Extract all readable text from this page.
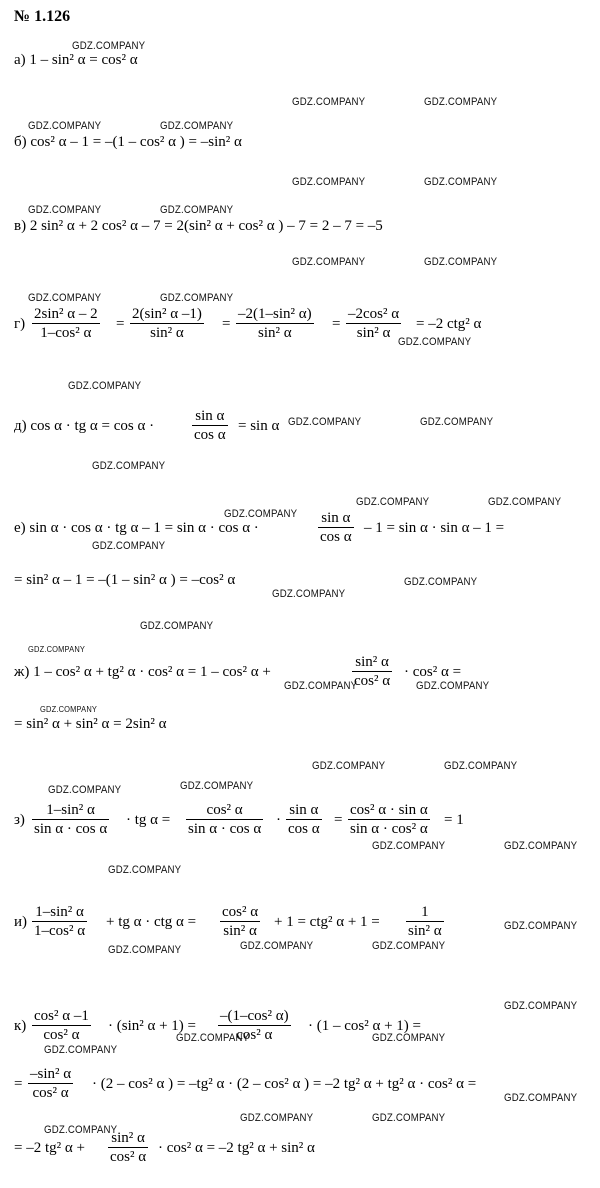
№ 1.126
а) 1 – sin² α = cos² α
б) cos² α – 1 = –(1 – cos² α ) = –sin² α
в) 2 sin² α + 2 cos² α – 7 = 2(sin² α + cos² α ) – 7 = 2 – 7 = –5
$г) \frac{\text{2sin² α – 2}}{\text{1–cos² α}} = \frac{\text{2(sin² α –1)}}{\text{sin² α}} = \frac{\text{–2(1–sin² α)}}{\text{sin² α}} = \frac{\text{–2cos² α}}{\text{sin² α}} = -2$ ctg² α
д) cos α · tg α = cos α ·	$\frac{\text{sin α}}{\text{cos α}} = \sin \alpha$
е) sin α · cos α · tg α – 1 = sin α · cos α ·	$\frac{\text{sin α}}{\text{cos α}} - 1 = \sin \alpha \cdot \sin \alpha - 1$ =
= sin² α – 1 = –(1 – sin² α ) = –cos² α
ж) 1 – cos² α + tg² α · cos² α = 1 – cos² α +	$\frac{\text{sin² α}}{\text{cos² α}} \cdot \cos^2$ α =
= sin² α + sin² α = 2sin² α
$з) \frac{\text{1–sin² α}}{\text{sin α · cos α}}$ · tg $\alpha = \frac{\text{cos² α}}{\text{sin α · cos α}} \cdot \frac{\text{sin α}}{\text{cos α}} = \frac{\text{cos² α · sin α}}{\text{sin α · cos² α}} = 1$
$и) \frac{\text{1–sin² α}}{\text{1–cos² α}}$ + tg α · ctg $\alpha = \frac{\text{cos² α}}{\text{sin² α}} + 1 = ctg^2$ $\alpha + 1 = \frac{1}{\text{sin² α}}$
$к) \frac{\text{cos² α –1}}{\text{cos² α}} \cdot (\sin^2$ $\alpha + 1) = \frac{\text{–(1–cos² α)}}{\text{cos² α}} \cdot (1 - \cos^2$ α + 1) =
= $\frac{\text{–sin² α}}{\text{cos² α}} \cdot (2 - \cos^2$ α ) = –tg² α · (2 – cos² α ) = –2 tg² α + tg² α · cos² α =
= –2 tg² $\alpha + \frac{\text{sin² α}}{\text{cos² α}} \cdot \cos^2$ α = –2 tg² α + sin² α
GDZ.COMPANY
GDZ.COMPANY	GDZ.COMPANY
GDZ.COMPANY	GDZ.COMPANY
GDZ.COMPANY	GDZ.COMPANY
GDZ.COMPANY	GDZ.COMPANY
GDZ.COMPANY	GDZ.COMPANY
GDZ.COMPANY	GDZ.COMPANY
GDZ.COMPANY
GDZ.COMPANY
GDZ.COMPANY	GDZ.COMPANY
GDZ.COMPANY
GDZ.COMPANY	GDZ.COMPANY
GDZ.COMPANY
GDZ.COMPANY
GDZ.COMPANY
GDZ.COMPANY
GDZ.COMPANY
GDZ.COMPANY
GDZ.COMPANY	GDZ.COMPANY
GDZ.COMPANY
GDZ.COMPANY	GDZ.COMPANY
GDZ.COMPANY	GDZ.COMPANY
GDZ.COMPANY	GDZ.COMPANY
GDZ.COMPANY
GDZ.COMPANY
GDZ.COMPANY	GDZ.COMPANY	GDZ.COMPANY
GDZ.COMPANY
GDZ.COMPANY	GDZ.COMPANY
GDZ.COMPANY
GDZ.COMPANY
GDZ.COMPANY
GDZ.COMPANY	GDZ.COMPANY
